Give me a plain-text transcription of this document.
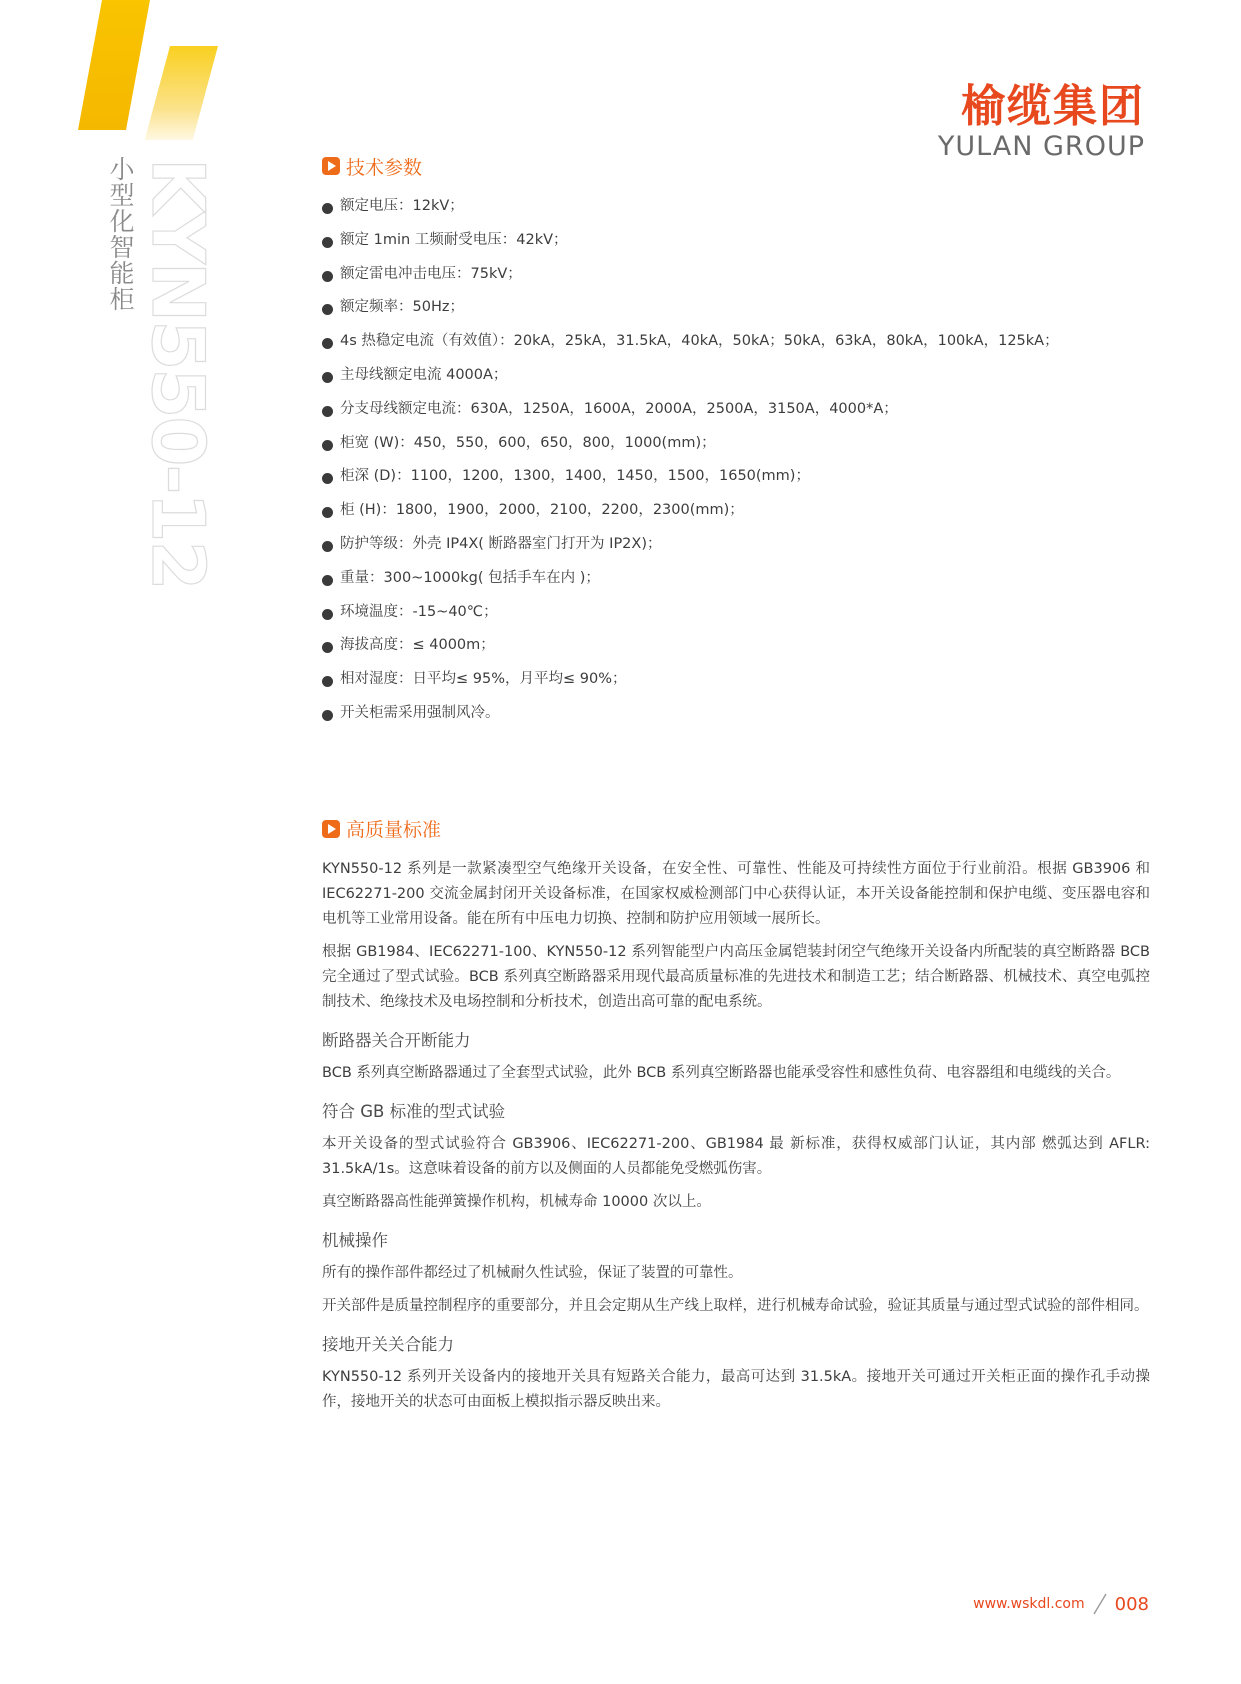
小型化智能柜 KYN550-12
榆缆集团
YULAN GROUP
技术参数
额定电压：12kV；
额定 1min 工频耐受电压：42kV；
额定雷电冲击电压：75kV；
额定频率：50Hz；
4s 热稳定电流（有效值）：20kA，25kA，31.5kA，40kA，50kA；50kA，63kA，80kA，100kA，125kA；
主母线额定电流 4000A；
分支母线额定电流：630A，1250A，1600A，2000A，2500A，3150A，4000*A；
柜宽 (W)：450，550，600，650，800，1000(mm)；
柜深 (D)：1100，1200，1300，1400，1450，1500，1650(mm)；
柜 (H)：1800，1900，2000，2100，2200，2300(mm)；
防护等级：外壳 IP4X( 断路器室门打开为 IP2X)；
重量：300~1000kg( 包括手车在内 )；
环境温度：-15~40℃；
海拔高度：≤ 4000m；
相对湿度：日平均≤ 95%，月平均≤ 90%；
开关柜需采用强制风冷。
高质量标准

KYN550-12 系列是一款紧凑型空气绝缘开关设备，在安全性、可靠性、性能及可持续性方面位于行业前沿。根据 GB3906 和 IEC62271-200 交流金属封闭开关设备标准，在国家权威检测部门中心获得认证，本开关设备能控制和保护电缆、变压器电容和电机等工业常用设备。能在所有中压电力切换、控制和防护应用领域一展所长。

根据 GB1984、IEC62271-100、KYN550-12 系列智能型户内高压金属铠装封闭空气绝缘开关设备内所配装的真空断路器 BCB 完全通过了型式试验。BCB 系列真空断路器采用现代最高质量标准的先进技术和制造工艺；结合断路器、机械技术、真空电弧控制技术、绝缘技术及电场控制和分析技术，创造出高可靠的配电系统。

断路器关合开断能力

BCB 系列真空断路器通过了全套型式试验，此外 BCB 系列真空断路器也能承受容性和感性负荷、电容器组和电缆线的关合。

符合 GB 标准的型式试验

本开关设备的型式试验符合 GB3906、IEC62271-200、GB1984 最 新标准，获得权威部门认证，其内部 燃弧达到 AFLR: 31.5kA/1s。这意味着设备的前方以及侧面的人员都能免受燃弧伤害。

真空断路器高性能弹簧操作机构，机械寿命 10000 次以上。

机械操作

所有的操作部件都经过了机械耐久性试验，保证了装置的可靠性。

开关部件是质量控制程序的重要部分，并且会定期从生产线上取样，进行机械寿命试验，验证其质量与通过型式试验的部件相同。

接地开关关合能力

KYN550-12 系列开关设备内的接地开关具有短路关合能力，最高可达到 31.5kA。接地开关可通过开关柜正面的操作孔手动操作，接地开关的状态可由面板上模拟指示器反映出来。

www.wskdl.com 008
